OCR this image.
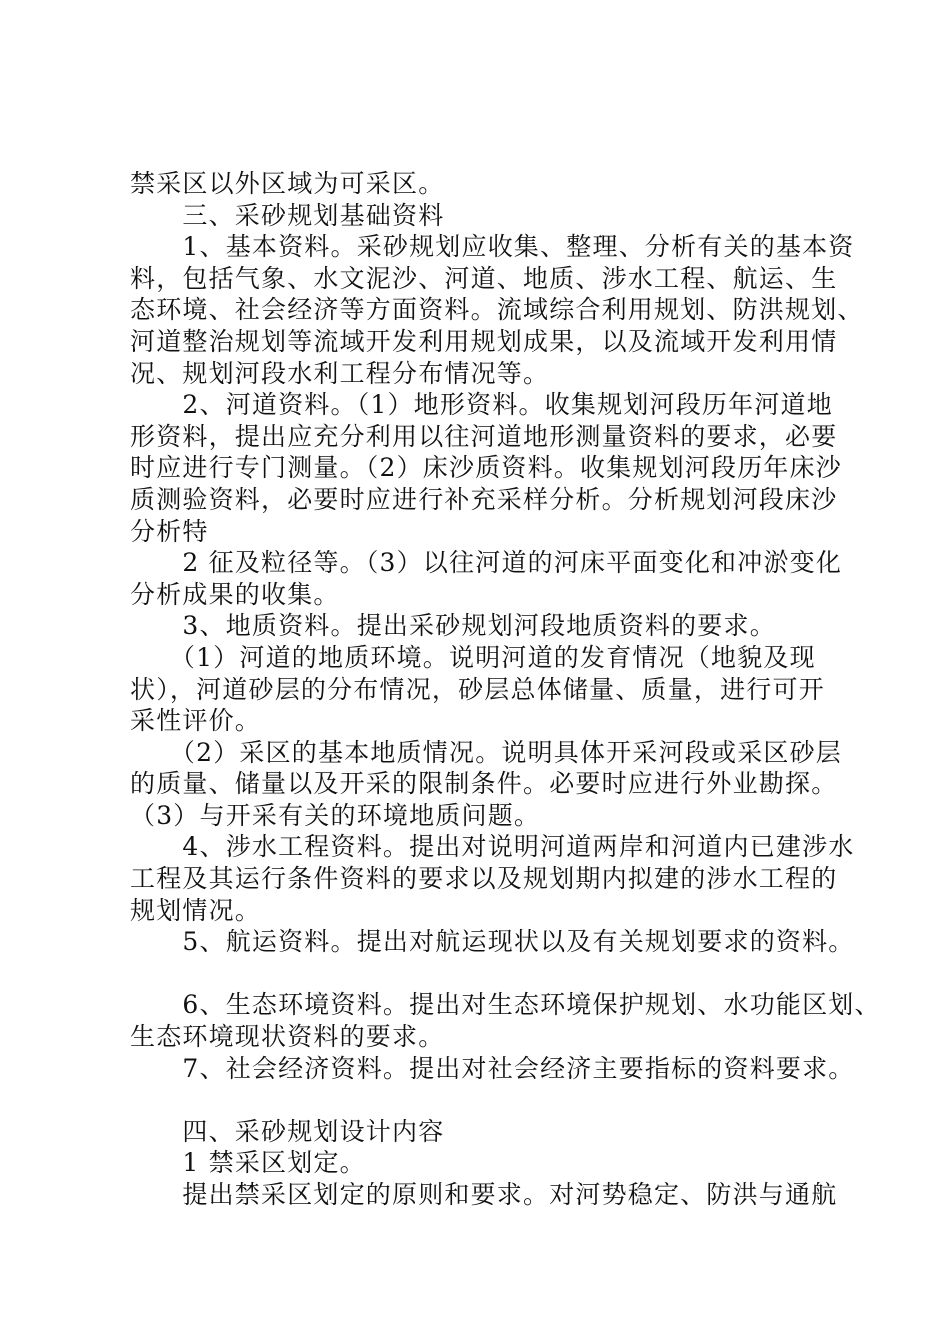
禁采区以外区域为可采区。
　　三、采砂规划基础资料
　　1、基本资料。采砂规划应收集、整理、分析有关的基本资
料，包括气象、水文泥沙、河道、地质、涉水工程、航运、生
态环境、社会经济等方面资料。流域综合利用规划、防洪规划、
河道整治规划等流域开发利用规划成果，以及流域开发利用情
况、规划河段水利工程分布情况等。
　　2、河道资料。（1）地形资料。收集规划河段历年河道地
形资料，提出应充分利用以往河道地形测量资料的要求，必要
时应进行专门测量。（2）床沙质资料。收集规划河段历年床沙
质测验资料，必要时应进行补充采样分析。分析规划河段床沙
分析特
　　2 征及粒径等。（3）以往河道的河床平面变化和冲淤变化
分析成果的收集。
　　3、地质资料。提出采砂规划河段地质资料的要求。
　　（1）河道的地质环境。说明河道的发育情况（地貌及现
状），河道砂层的分布情况，砂层总体储量、质量，进行可开
采性评价。
　　（2）采区的基本地质情况。说明具体开采河段或采区砂层
的质量、储量以及开采的限制条件。必要时应进行外业勘探。
（3）与开采有关的环境地质问题。
　　4、涉水工程资料。提出对说明河道两岸和河道内已建涉水
工程及其运行条件资料的要求以及规划期内拟建的涉水工程的
规划情况。
　　5、航运资料。提出对航运现状以及有关规划要求的资料。
　　6、生态环境资料。提出对生态环境保护规划、水功能区划、
生态环境现状资料的要求。
　　7、社会经济资料。提出对社会经济主要指标的资料要求。
　　四、采砂规划设计内容
　　1 禁采区划定。
　　提出禁采区划定的原则和要求。对河势稳定、防洪与通航
